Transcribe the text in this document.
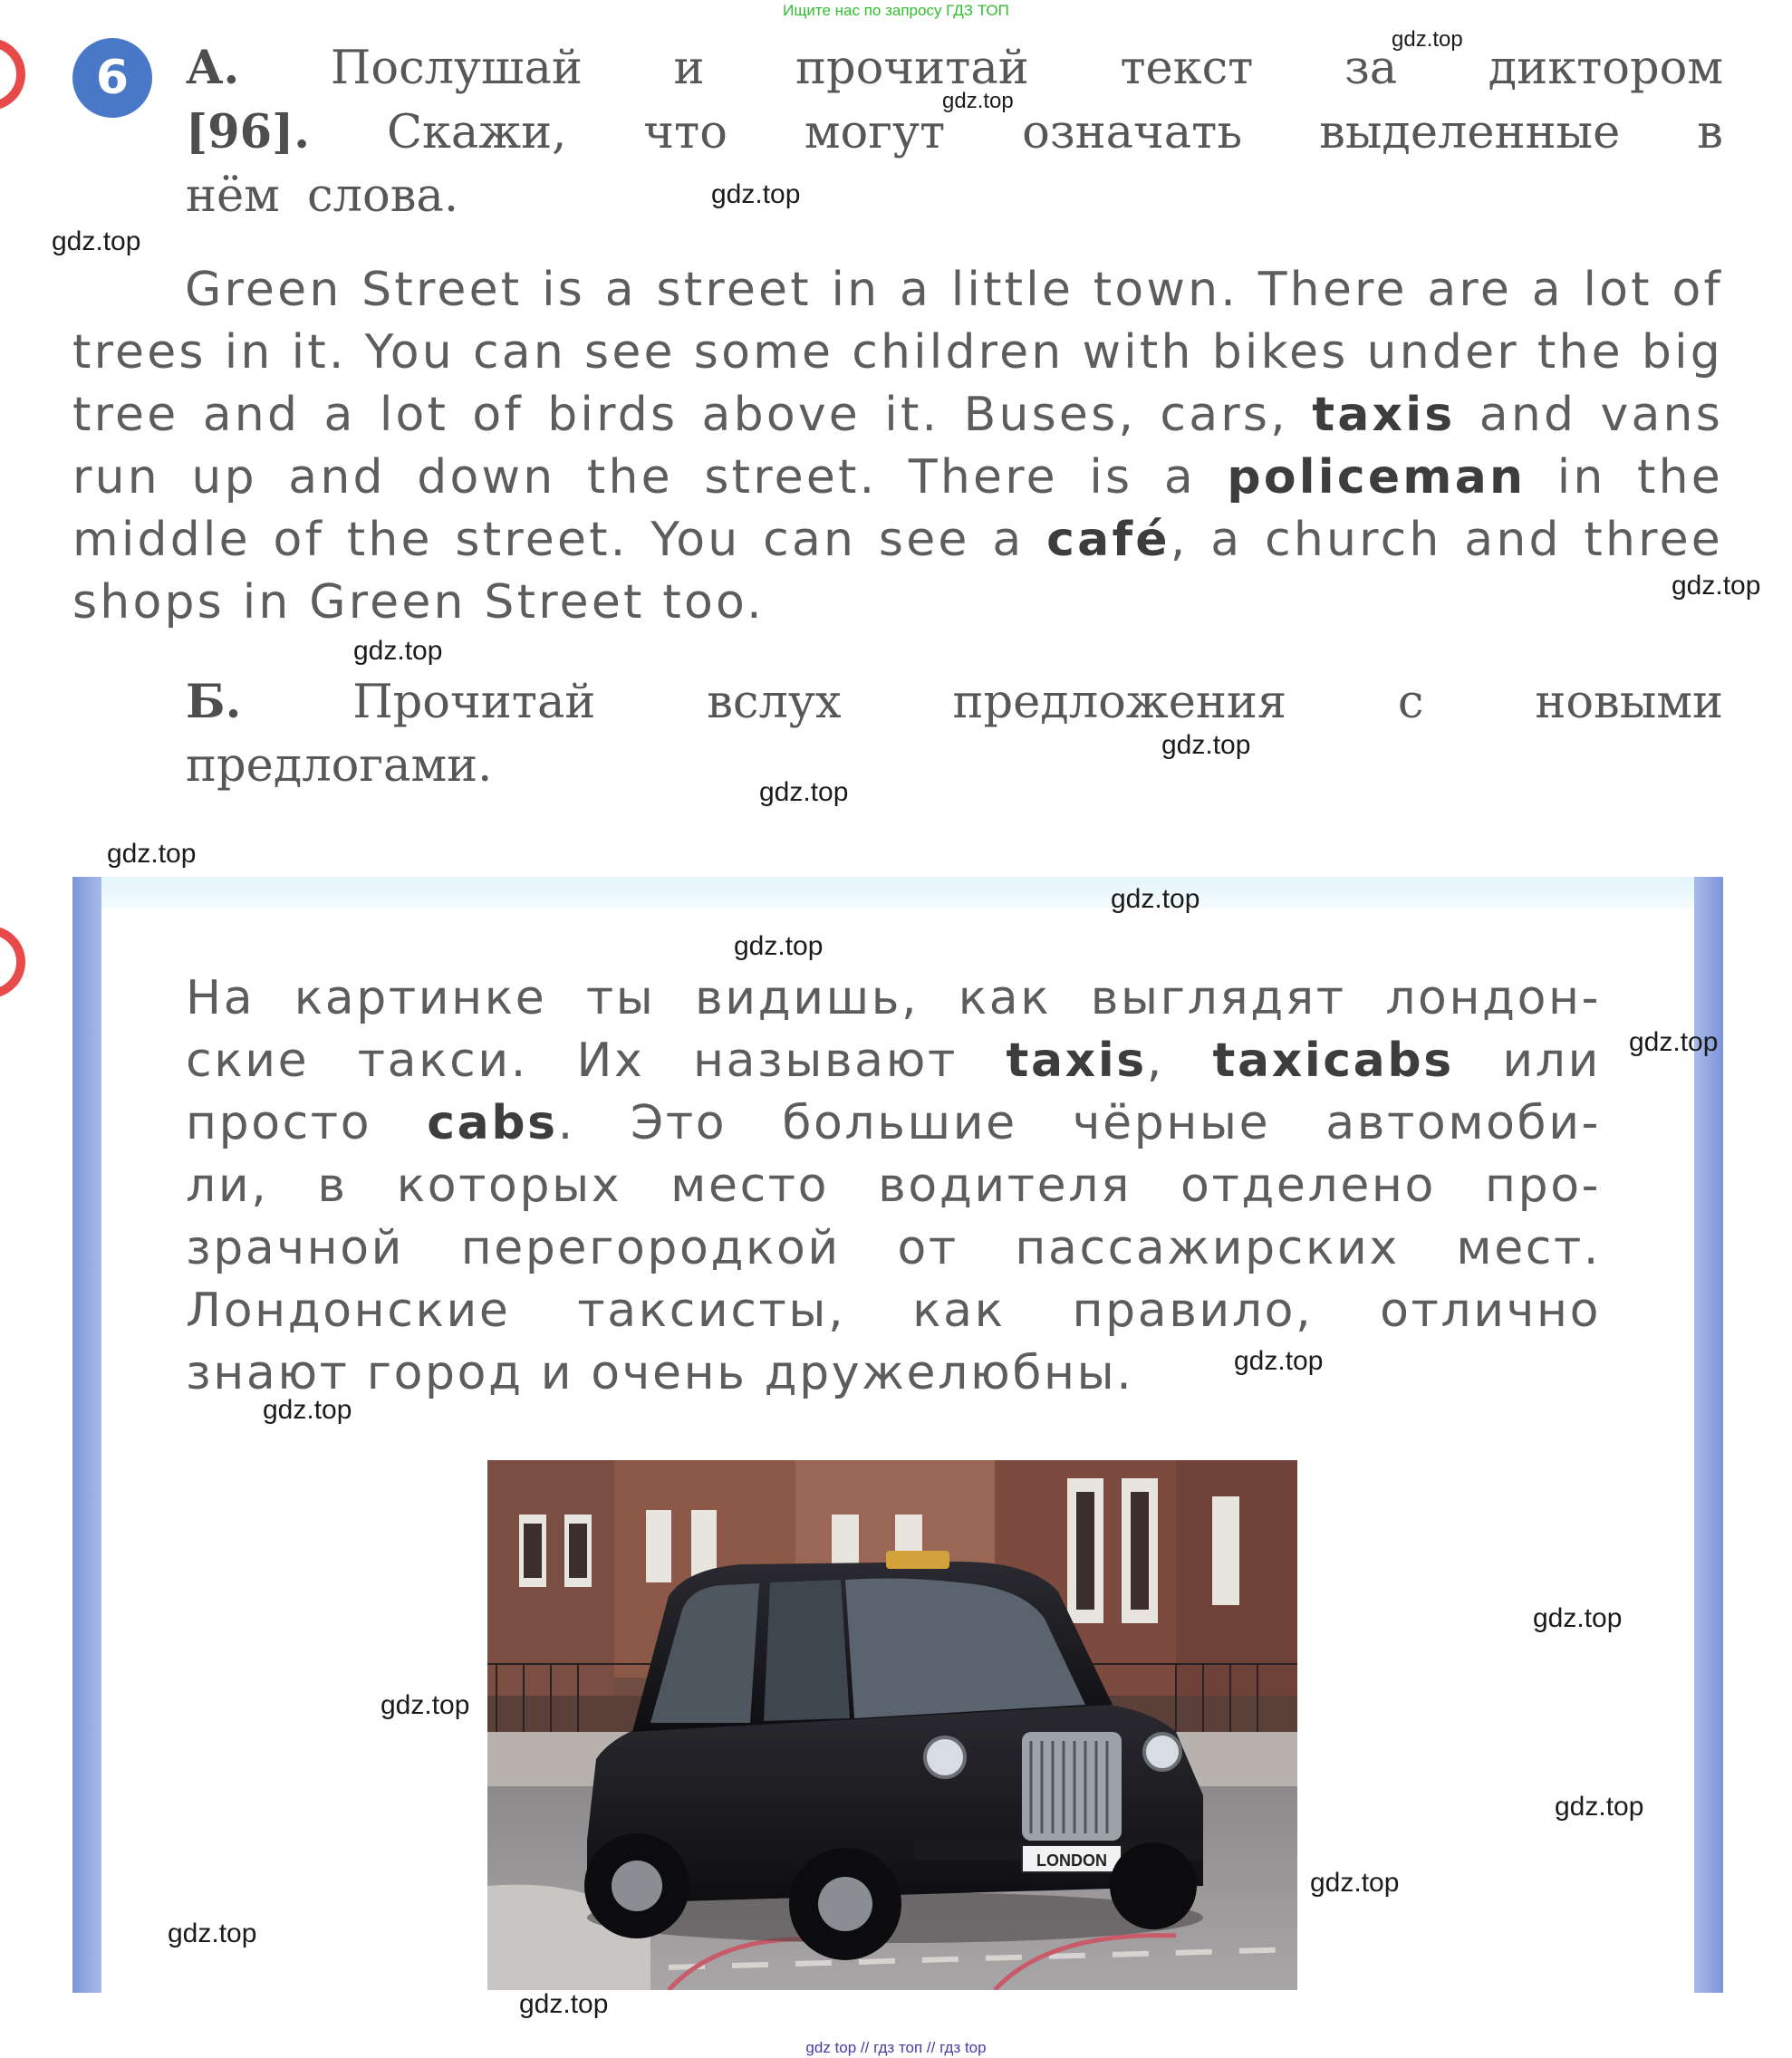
Ищите нас по запросу ГДЗ ТОП
6	А. Послушай и прочитай текст за диктором
[96]. Скажи, что могут означать выделенные в
нём слова.

Green Street is a street in a little town. There are a lot of trees in it. You can see some children with bikes under the big tree and a lot of birds above it. Buses, cars, taxis and vans run up and down the street. There is a policeman in the middle of the street. You can see a café, a church and three shops in Green Street too.

Б. Прочитай вслух предложения с новыми
предлогами.
На картинке ты видишь, как выглядят лондон-
ские такси. Их называют taxis, taxicabs или
просто cabs. Это большие чёрные автомоби-
ли, в которых место водителя отделено про-
зрачной перегородкой от пассажирских мест.
Лондонские таксисты, как правило, отлично
знают город и очень дружелюбны.
LONDON
gdz.top
gdz.top
gdz.top
gdz.top
gdz.top
gdz.top
gdz.top
gdz.top
gdz.top
gdz.top
gdz.top
gdz.top
gdz.top
gdz.top
gdz.top
gdz.top
gdz.top
gdz.top
gdz.top
gdz.top
gdz top // гдз топ // гдз top
